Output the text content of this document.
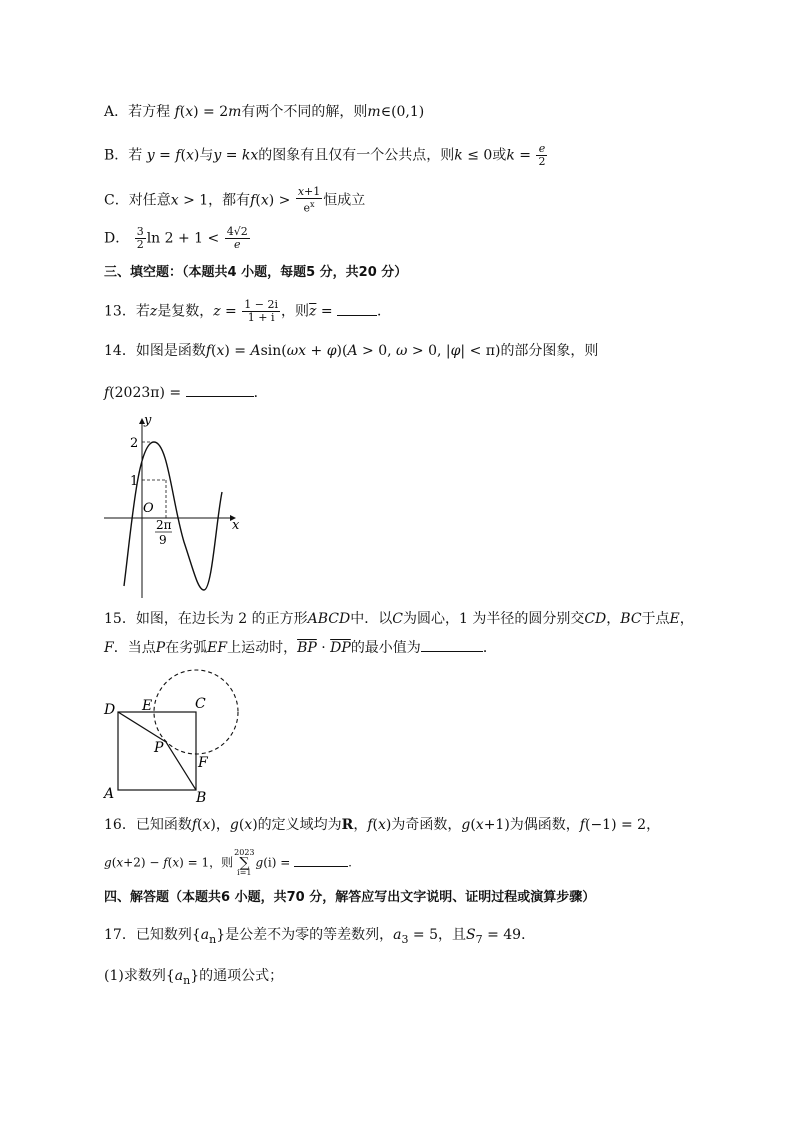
A．若方程 f(x) = 2m有两个不同的解，则m∈(0,1)
B．若 y = f(x)与y = kx的图象有且仅有一个公共点，则k ≤ 0或$k = \frac{e}{2}$
C．对任意x > 1，都有$f(x) > \frac{x+1}{e^x}$ 恒成立
D． $\frac{3}{2}$ $\ln 2 + 1 < \frac{4√2}{e}$
三、填空题：（本题共4 小题，每题5 分，共20 分）
13．若z是复数，$z = \frac{1 - 2i}{1 + i}$ ，则$\overline{z}$ =	．
14．如图是函数f(x) = Asin(ωx + φ)(A > 0, ω > 0, |φ| < π)的部分图象，则
f(2023π) =	．
y
x
O
2
1
2π
9
15．如图，在边长为 2 的正方形ABCD中．以C为圆心，1 为半径的圆分别交CD，BC于点E，
F．当点P在劣弧EF上运动时，$\overline{BP} \cdot \overline{DP}$的最小值为	．
D E	C
P
F
A	B
16．已知函数f(x)，g(x)的定义域均为R，f(x)为奇函数，g(x+1)为偶函数，f(−1) = 2，
g(x+2) − f(x) = 1，则2023
∑
i=1g(i) =	.
四、解答题（本题共6 小题，共70 分，解答应写出文字说明、证明过程或演算步骤）
17．已知数列$\{a_n\}$是公差不为零的等差数列，$a_3 = 5$，且$S_7 = 49$．
(1)求数列$\{a_n\}$的通项公式；
